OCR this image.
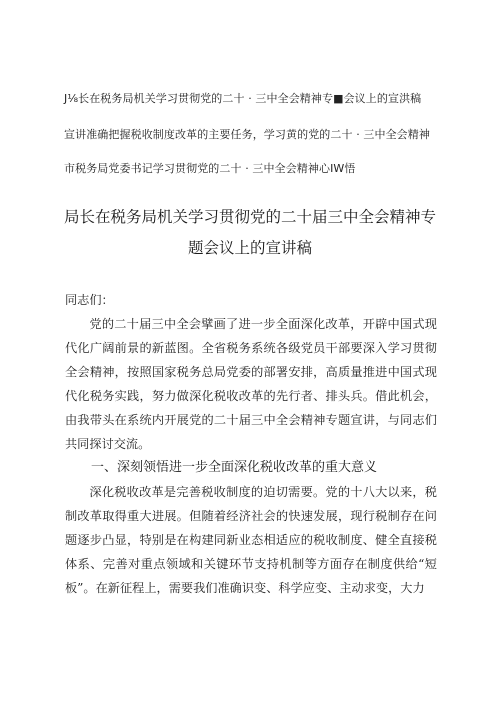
J⅛长在税务局机关学习贯彻党的二十 · 三中全会精神专■会议上的宣洪稿
宣讲准确把握税收制度改革的主要任务，学习黄的党的二十 · 三中全会精神
市税务局党委书记学习贯彻党的二十 · 三中全会精神心IW悟
局长在税务局机关学习贯彻党的二十届三中全会精神专
题会议上的宣讲稿
同志们：
党的二十届三中全会擘画了进一步全面深化改革，开辟中国式现代化广阔前景的新蓝图。全省税务系统各级党员干部要深入学习贯彻全会精神，按照国家税务总局党委的部署安排，高质量推进中国式现代化税务实践，努力做深化税收改革的先行者、排头兵。借此机会，由我带头在系统内开展党的二十届三中全会精神专题宣讲，与同志们共同探讨交流。
一、深刻领悟进一步全面深化税收改革的重大意义
深化税收改革是完善税收制度的迫切需要。党的十八大以来，税制改革取得重大进展。但随着经济社会的快速发展，现行税制存在问题逐步凸显，特别是在构建同新业态相适应的税收制度、健全直接税体系、完善对重点领域和关键环节支持机制等方面存在制度供给“短板”。在新征程上，需要我们准确识变、科学应变、主动求变，大力
